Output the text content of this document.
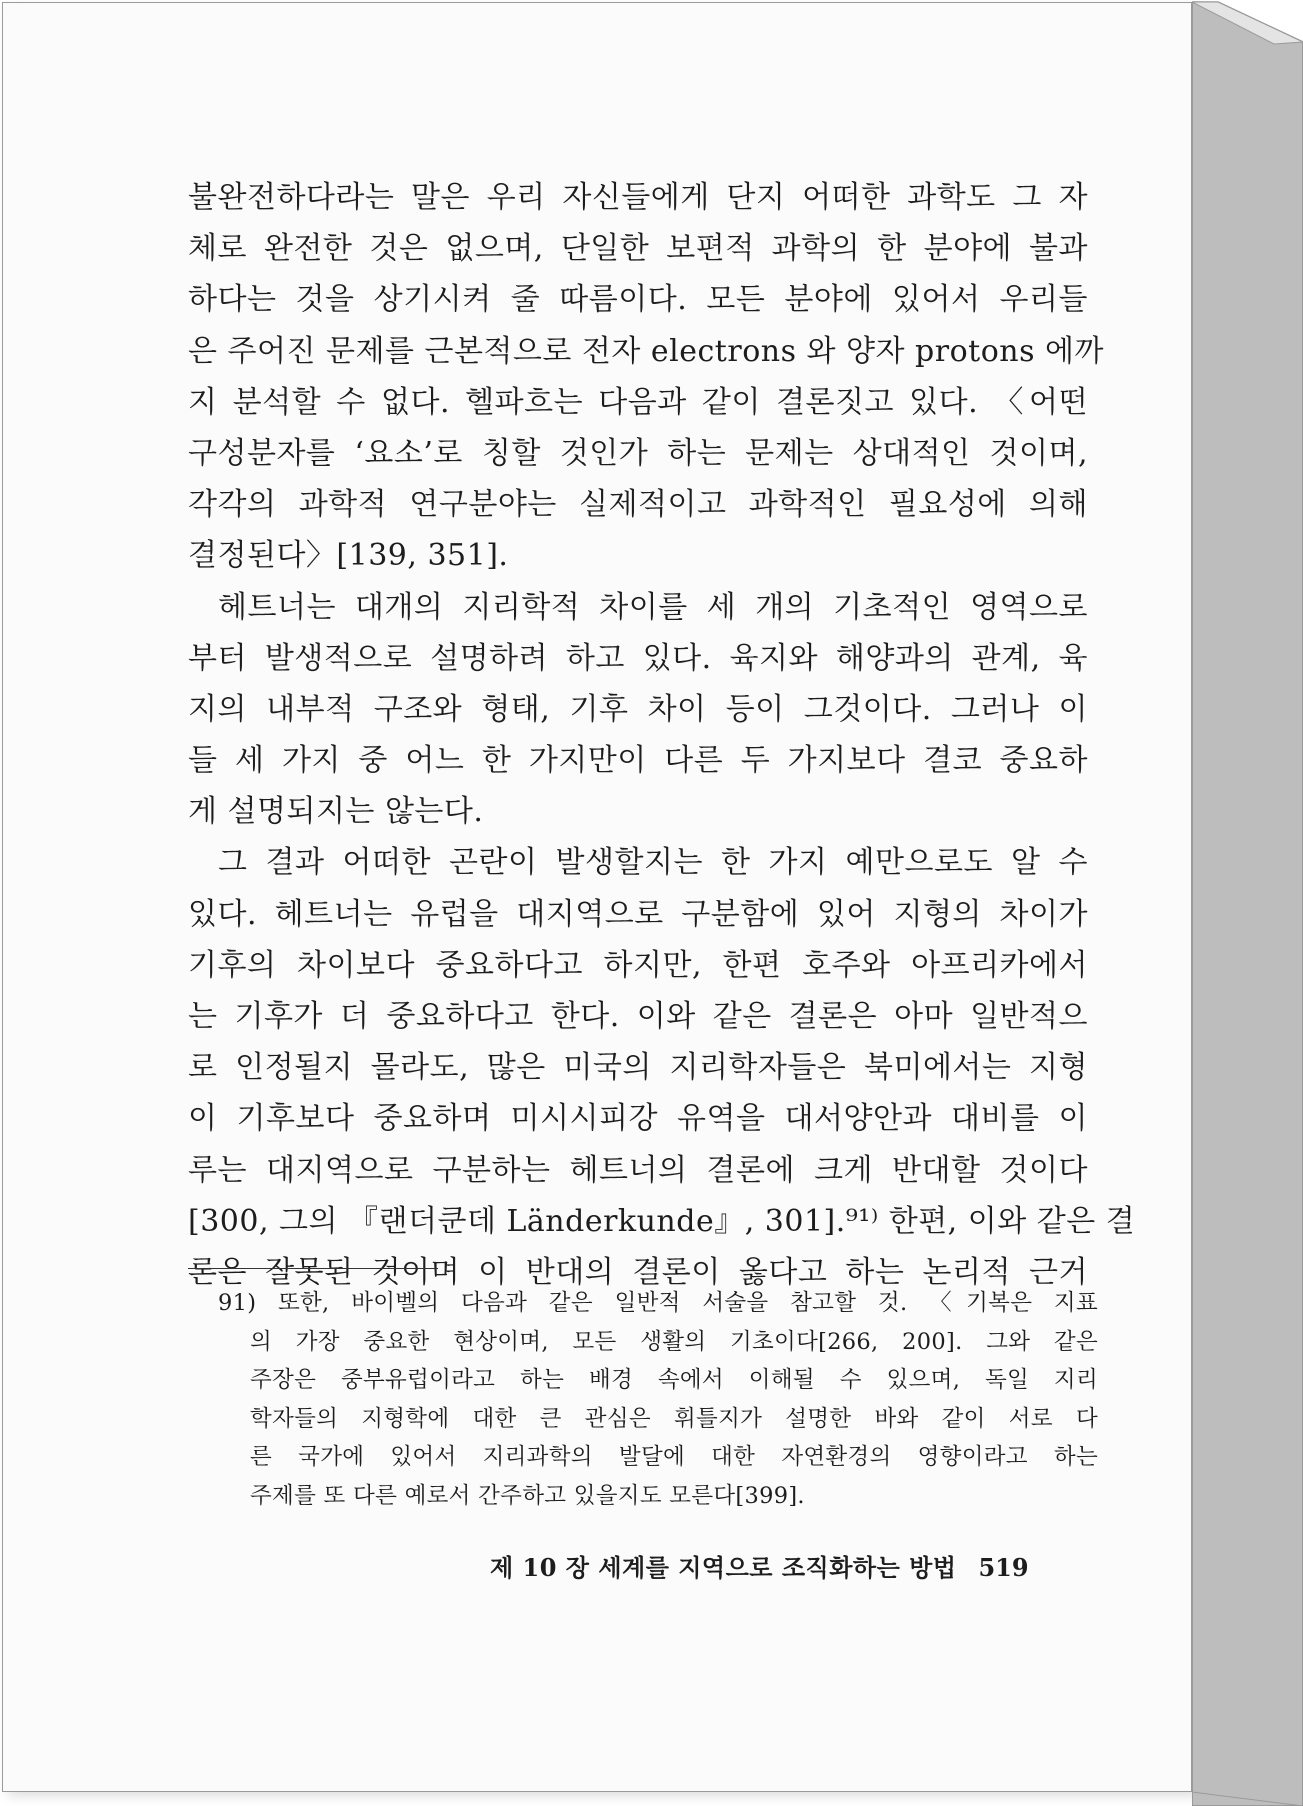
불완전하다라는 말은 우리 자신들에게 단지 어떠한 과학도 그 자
체로 완전한 것은 없으며, 단일한 보편적 과학의 한 분야에 불과
하다는 것을 상기시켜 줄 따름이다. 모든 분야에 있어서 우리들
은 주어진 문제를 근본적으로 전자 electrons 와 양자 protons 에까
지 분석할 수 없다. 헬파흐는 다음과 같이 결론짓고 있다. 〈어떤
구성분자를 ‘요소’로 칭할 것인가 하는 문제는 상대적인 것이며,
각각의 과학적 연구분야는 실제적이고 과학적인 필요성에 의해
결정된다〉[139, 351].
헤트너는 대개의 지리학적 차이를 세 개의 기초적인 영역으로
부터 발생적으로 설명하려 하고 있다. 육지와 해양과의 관계, 육
지의 내부적 구조와 형태, 기후 차이 등이 그것이다. 그러나 이
들 세 가지 중 어느 한 가지만이 다른 두 가지보다 결코 중요하
게 설명되지는 않는다.
그 결과 어떠한 곤란이 발생할지는 한 가지 예만으로도 알 수
있다. 헤트너는 유럽을 대지역으로 구분함에 있어 지형의 차이가
기후의 차이보다 중요하다고 하지만, 한편 호주와 아프리카에서
는 기후가 더 중요하다고 한다. 이와 같은 결론은 아마 일반적으
로 인정될지 몰라도, 많은 미국의 지리학자들은 북미에서는 지형
이 기후보다 중요하며 미시시피강 유역을 대서양안과 대비를 이
루는 대지역으로 구분하는 헤트너의 결론에 크게 반대할 것이다
[300, 그의 『랜더쿤데 Länderkunde』, 301].⁹¹⁾ 한편, 이와 같은 결
론은 잘못된 것이며 이 반대의 결론이 옳다고 하는 논리적 근거
91) 또한, 바이벨의 다음과 같은 일반적 서술을 참고할 것. 〈기복은 지표
의 가장 중요한 현상이며, 모든 생활의 기초이다[266, 200]. 그와 같은
주장은 중부유럽이라고 하는 배경 속에서 이해될 수 있으며, 독일 지리
학자들의 지형학에 대한 큰 관심은 휘틀지가 설명한 바와 같이 서로 다
른 국가에 있어서 지리과학의 발달에 대한 자연환경의 영향이라고 하는
주제를 또 다른 예로서 간주하고 있을지도 모른다[399].
제 10 장 세계를 지역으로 조직화하는 방법 519
